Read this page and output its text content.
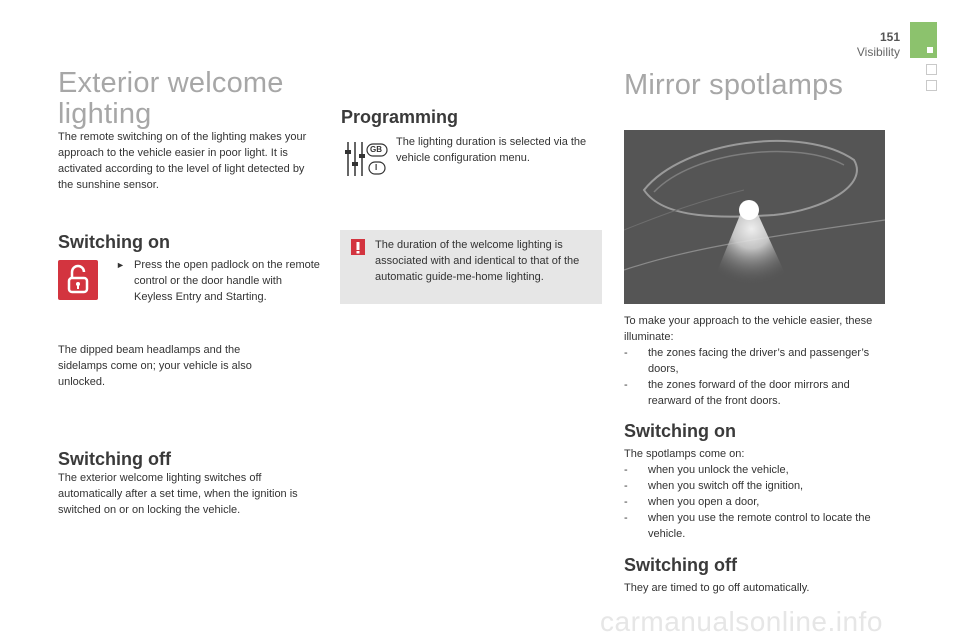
151
Visibility
Exterior welcome lighting
The remote switching on of the lighting makes your approach to the vehicle easier in poor light. It is activated according to the level of light detected by the sunshine sensor.
Switching on
► Press the open padlock on the remote control or the door handle with Keyless Entry and Starting.
The dipped beam headlamps and the sidelamps come on; your vehicle is also unlocked.
Switching off
The exterior welcome lighting switches off automatically after a set time, when the ignition is switched on or on locking the vehicle.
Programming
GB
I
The lighting duration is selected via the vehicle configuration menu.
The duration of the welcome lighting is associated with and identical to that of the automatic guide-me-home lighting.
Mirror spotlamps
To make your approach to the vehicle easier, these illuminate:
-	the zones facing the driver’s and passenger’s doors,
-	the zones forward of the door mirrors and rearward of the front doors.
Switching on
The spotlamps come on:
-	when you unlock the vehicle,
-	when you switch off the ignition,
-	when you open a door,
-	when you use the remote control to locate the vehicle.
Switching off
They are timed to go off automatically.
carmanualsonline.info
